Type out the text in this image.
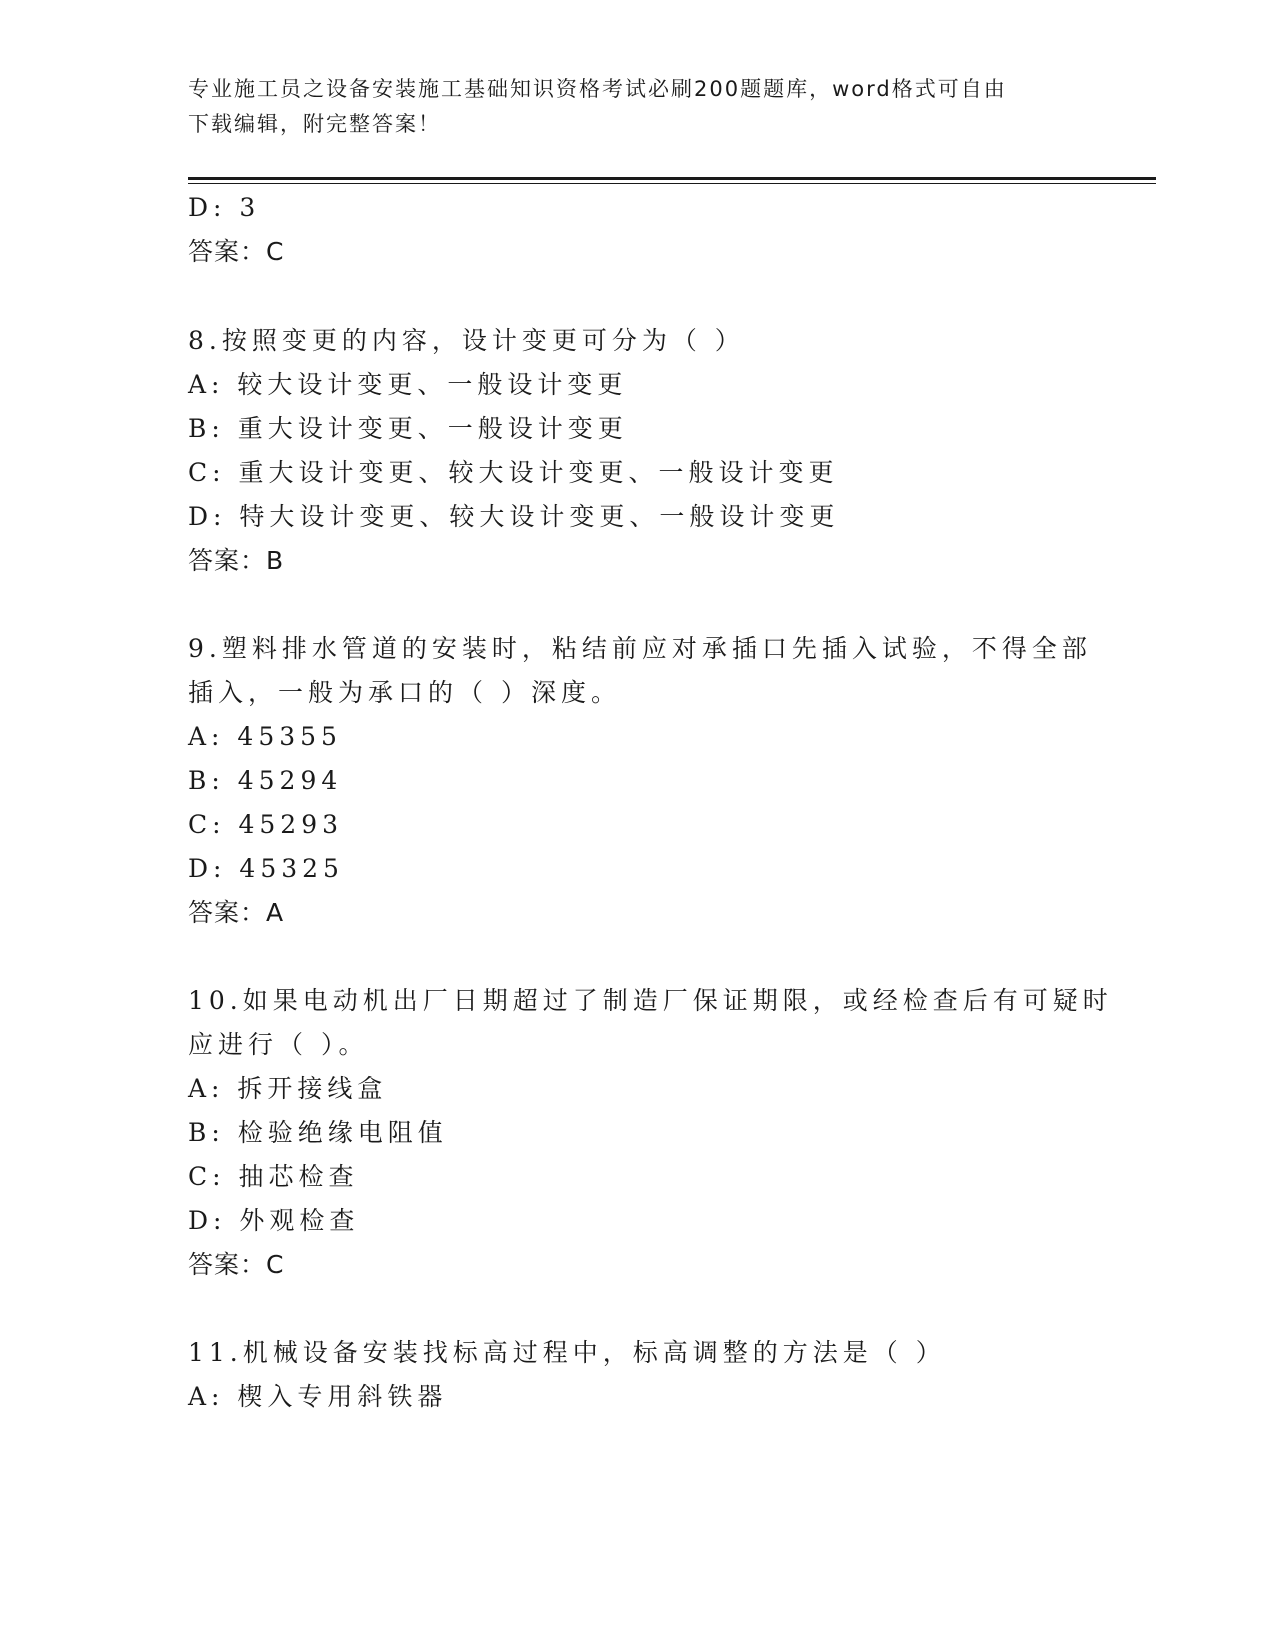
专业施工员之设备安装施工基础知识资格考试必刷200题题库，word格式可自由
下载编辑，附完整答案！
D: 3
答案：C
8.按照变更的内容，设计变更可分为（ ）
A: 较大设计变更、一般设计变更
B: 重大设计变更、一般设计变更
C: 重大设计变更、较大设计变更、一般设计变更
D: 特大设计变更、较大设计变更、一般设计变更
答案：B
9.塑料排水管道的安装时，粘结前应对承插口先插入试验，不得全部
插入，一般为承口的（ ）深度。
A: 45355
B: 45294
C: 45293
D: 45325
答案：A
10.如果电动机出厂日期超过了制造厂保证期限，或经检查后有可疑时
应进行（ ）。
A: 拆开接线盒
B: 检验绝缘电阻值
C: 抽芯检查
D: 外观检查
答案：C
11.机械设备安装找标高过程中，标高调整的方法是（ ）
A: 楔入专用斜铁器
